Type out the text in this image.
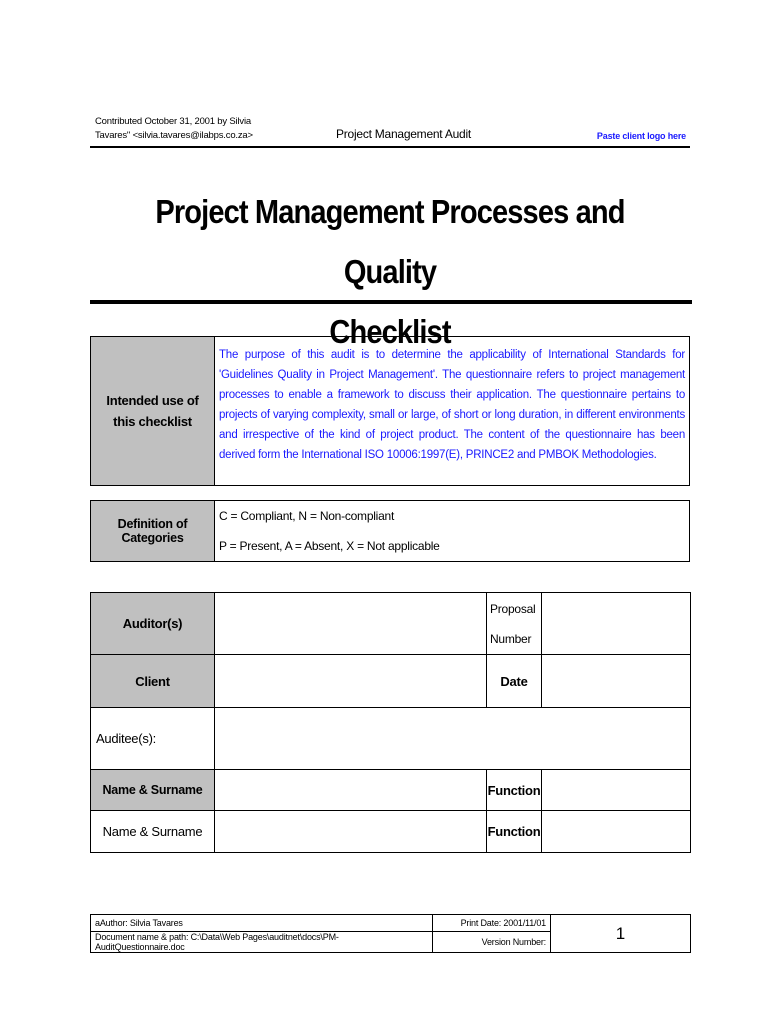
Contributed October 31, 2001 by Silvia
Tavares" <silvia.tavares@ilabps.co.za>	Project Management Audit	Paste client logo here
Project Management Processes and Quality
Checklist
Intended use of this checklist	The purpose of this audit is to determine the applicability of International Standards for 'Guidelines Quality in Project Management'. The questionnaire refers to project management processes to enable a framework to discuss their application. The questionnaire pertains to projects of varying complexity, small or large, of short or long duration, in different environments and irrespective of the kind of project product. The content of the questionnaire has been derived form the International ISO 10006:1997(E), PRINCE2 and PMBOK Methodologies.
Definition of Categories	
C = Compliant, N = Non-compliant
P = Present, A = Absent, X = Not applicable
Auditor(s)		Proposal Number	
Client		Date	
Auditee(s):			
Name & Surname		Function	
Name & Surname		Function	
aAuthor: Silvia Tavares	Print Date: 2001/11/01	1
Document name & path: C:\Data\Web Pages\auditnet\docs\PM-AuditQuestionnaire.doc	Version Number:	
